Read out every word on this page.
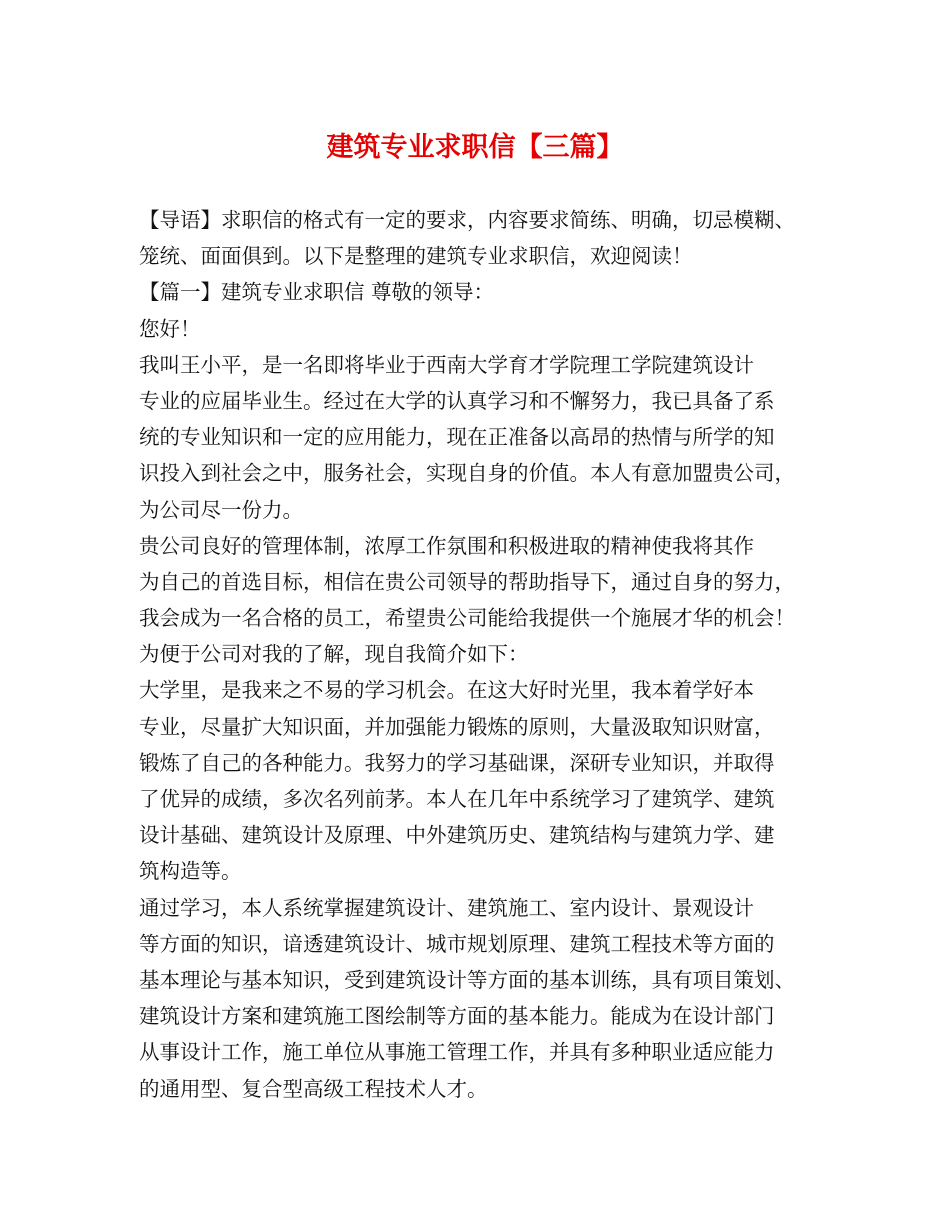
建筑专业求职信【三篇】
【导语】求职信的格式有一定的要求，内容要求简练、明确，切忌模糊、
笼统、面面俱到。以下是整理的建筑专业求职信，欢迎阅读！
【篇一】建筑专业求职信 尊敬的领导：
您好！
我叫王小平，是一名即将毕业于西南大学育才学院理工学院建筑设计
专业的应届毕业生。经过在大学的认真学习和不懈努力，我已具备了系
统的专业知识和一定的应用能力，现在正准备以高昂的热情与所学的知
识投入到社会之中，服务社会，实现自身的价值。本人有意加盟贵公司，
为公司尽一份力。
贵公司良好的管理体制，浓厚工作氛围和积极进取的精神使我将其作
为自己的首选目标，相信在贵公司领导的帮助指导下，通过自身的努力，
我会成为一名合格的员工，希望贵公司能给我提供一个施展才华的机会！
为便于公司对我的了解，现自我简介如下：
大学里，是我来之不易的学习机会。在这大好时光里，我本着学好本
专业，尽量扩大知识面，并加强能力锻炼的原则，大量汲取知识财富，
锻炼了自己的各种能力。我努力的学习基础课，深研专业知识，并取得
了优异的成绩，多次名列前茅。本人在几年中系统学习了建筑学、建筑
设计基础、建筑设计及原理、中外建筑历史、建筑结构与建筑力学、建
筑构造等。
通过学习，本人系统掌握建筑设计、建筑施工、室内设计、景观设计
等方面的知识，谙透建筑设计、城市规划原理、建筑工程技术等方面的
基本理论与基本知识，受到建筑设计等方面的基本训练，具有项目策划、
建筑设计方案和建筑施工图绘制等方面的基本能力。能成为在设计部门
从事设计工作，施工单位从事施工管理工作，并具有多种职业适应能力
的通用型、复合型高级工程技术人才。
